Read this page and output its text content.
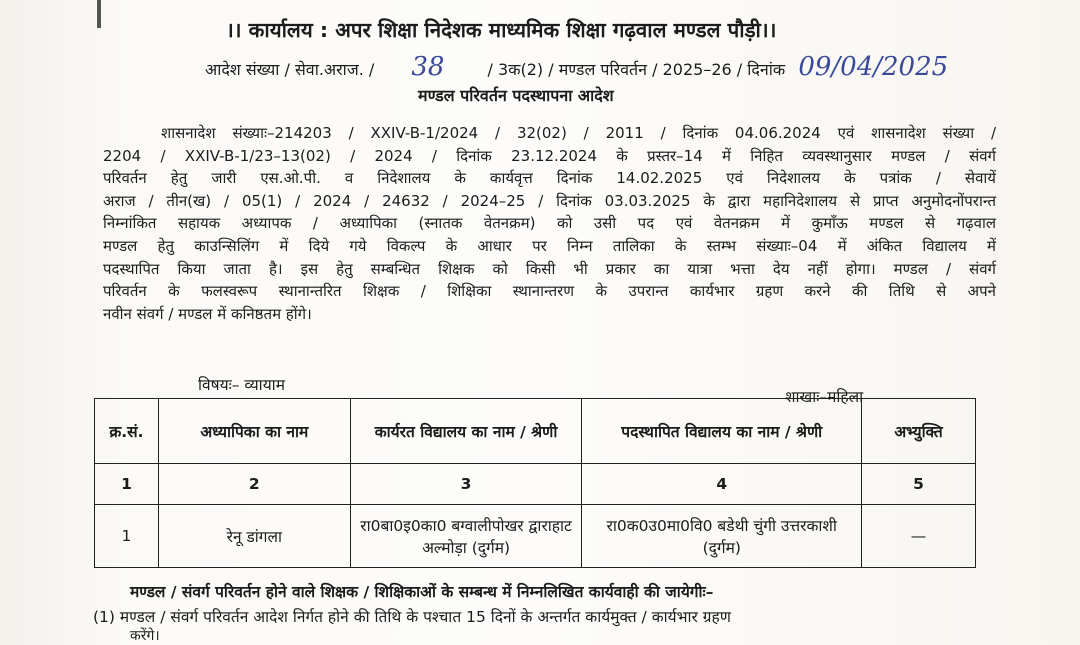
।। कार्यालय : अपर शिक्षा निदेशक माध्यमिक शिक्षा गढ़वाल मण्डल पौड़ी।।
आदेश संख्या / सेवा.अराज. / 38	/ 3क(2) / मण्डल परिवर्तन / 2025–26 / दिनांक 09/04/2025
मण्डल परिवर्तन पदस्थापना आदेश
शासनादेश संख्याः–214203 / XXIV-B-1/2024 / 32(02) / 2011 / दिनांक 04.06.2024 एवं शासनादेश संख्या /
2204 / XXIV-B-1/23–13(02) / 2024 / दिनांक 23.12.2024 के प्रस्तर–14 में निहित व्यवस्थानुसार मण्डल / संवर्ग
परिवर्तन हेतु जारी एस.ओ.पी. व निदेशालय के कार्यवृत्त दिनांक 14.02.2025 एवं निदेशालय के पत्रांक / सेवायें
अराज / तीन(ख) / 05(1) / 2024 / 24632 / 2024–25 / दिनांक 03.03.2025 के द्वारा महानिदेशालय से प्राप्त अनुमोदनोंपरान्त
निम्नांकित सहायक अध्यापक / अध्यापिका (स्नातक वेतनक्रम) को उसी पद एवं वेतनक्रम में कुमाँऊ मण्डल से गढ़वाल
मण्डल हेतु काउन्सिलिंग में दिये गये विकल्प के आधार पर निम्न तालिका के स्तम्भ संख्याः–04 में अंकित विद्यालय में
पदस्थापित किया जाता है। इस हेतु सम्बन्धित शिक्षक को किसी भी प्रकार का यात्रा भत्ता देय नहीं होगा। मण्डल / संवर्ग
परिवर्तन के फलस्वरूप स्थानान्तरित शिक्षक / शिक्षिका स्थानान्तरण के उपरान्त कार्यभार ग्रहण करने की तिथि से अपने
नवीन संवर्ग / मण्डल में कनिष्ठतम होंगे।
विषयः– व्यायाम
शाखाः–महिला
क्र.सं.	अध्यापिका का नाम	कार्यरत विद्यालय का नाम / श्रेणी	पदस्थापित विद्यालय का नाम / श्रेणी	अभ्युक्ति
1	2	3	4	5
1	रेनू डांगला	रा0बा0इ0का0 बग्वालीपोखर द्वाराहाट अल्मोड़ा (दुर्गम)	रा0क0उ0मा0वि0 बडेथी चुंगी उत्तरकाशी (दुर्गम)	—
मण्डल / संवर्ग परिवर्तन होने वाले शिक्षक / शिक्षिकाओं के सम्बन्ध में निम्नलिखित कार्यवाही की जायेगीः–
(1) मण्डल / संवर्ग परिवर्तन आदेश निर्गत होने की तिथि के पश्चात 15 दिनों के अन्तर्गत कार्यमुक्त / कार्यभार ग्रहण
करेंगे।
